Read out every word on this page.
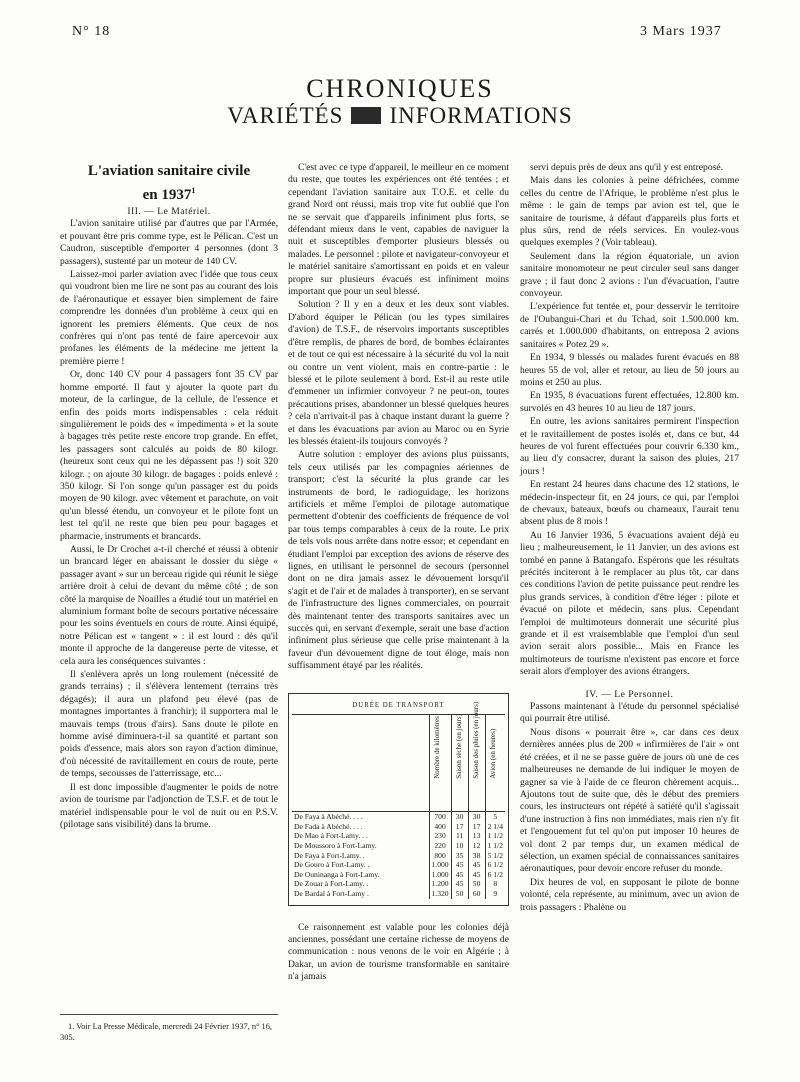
N° 18	3 Mars 1937
CHRONIQUES
VARIÉTÉS INFORMATIONS

L'aviation sanitaire civile
en 1937$^1$

III. — Le Matériel.

L'avion sanitaire utilisé par d'autres que par l'Armée, et pouvant être pris comme type, est le Pélican. C'est un Caudron, susceptible d'emporter 4 personnes (dont 3 passagers), sustenté par un moteur de 140 CV.

Laissez-moi parler aviation avec l'idée que tous ceux qui voudront bien me lire ne sont pas au courant des lois de l'aéronautique et essayer bien simplement de faire comprendre les données d'un problème à ceux qui en ignorent les premiers éléments. Que ceux de nos confrères qui n'ont pas tenté de faire apercevoir aux profanes les éléments de la médecine me jettent la première pierre !

Or, donc 140 CV pour 4 passagers font 35 CV par homme emporté. Il faut y ajouter la quote part du moteur, de la carlingue, de la cellule, de l'essence et enfin des poids morts indispensables : cela réduit singulièrement le poids des « impedimenta » et la soute à bagages très petite reste encore trop grande. En effet, les passagers sont calculés au poids de 80 kilogr. (heureux sont ceux qui ne les dépassent pas !) soit 320 kilogr. ; on ajoute 30 kilogr. de bagages : poids enlevé : 350 kilogr. Si l'on songe qu'un passager est du poids moyen de 90 kilogr. avec vêtement et parachute, on voit qu'un blessé étendu, un convoyeur et le pilote font un lest tel qu'il ne reste que bien peu pour bagages et pharmacie, instruments et brancards.

Aussi, le Dr Crochet a-t-il cherché et réussi à obtenir un brancard léger en abaissant le dossier du siège « passager avant » sur un berceau rigide qui réunit le siège arrière droit à celui de devant du même côté ; de son côté la marquise de Noailles a étudié tout un matériel en aluminium formant boîte de secours portative nécessaire pour les soins éventuels en cours de route. Ainsi équipé, notre Pélican est « tangent » : il est lourd : dès qu'il monte il approche de la dangereuse perte de vitesse, et cela aura les conséquences suivantes :

Il s'enlèvera après un long roulement (nécessité de grands terrains) ; il s'élèvera lentement (terrains très dégagés); il aura un plafond peu élevé (pas de montagnes importantes à franchir); il supportera mal le mauvais temps (trous d'airs). Sans doute le pilote en homme avisé diminuera-t-il sa quantité et partant son poids d'essence, mais alors son rayon d'action diminue, d'où nécessité de ravitaillement en cours de route, perte de temps, secousses de l'atterrissage, etc...

Il est donc impossible d'augmenter le poids de notre avion de tourisme par l'adjonction de T.S.F. et de tout le matériel indispensable pour le vol de nuit ou en P.S.V. (pilotage sans visibilité) dans la brume.

1. Voir La Presse Médicale, mercredi 24 Février 1937, n° 16, 305.

C'est avec ce type d'appareil, le meilleur en ce moment du reste, que toutes les expériences ont été tentées ; et cependant l'aviation sanitaire aux T.O.E. et celle du grand Nord ont réussi, mais trop vite fut oublié que l'on ne se servait que d'appareils infiniment plus forts, se défendant mieux dans le vent, capables de naviguer la nuit et susceptibles d'emporter plusieurs blessés ou malades. Le personnel : pilote et navigateur-convoyeur et le matériel sanitaire s'amortissant en poids et en valeur propre sur plusieurs évacués est infiniment moins important que pour un seul blessé.

Solution ? Il y en a deux et les deux sont viables. D'abord équiper le Pélican (ou les types similaires d'avion) de T.S.F., de réservoirs importants susceptibles d'être remplis, de phares de bord, de bombes éclairantes et de tout ce qui est nécessaire à la sécurité du vol la nuit ou contre un vent violent, mais en contre-partie : le blessé et le pilote seulement à bord. Est-il au reste utile d'emmener un infirmier convoyeur ? ne peut-on, toutes précautions prises, abandonner un blessé quelques heures ? cela n'arrivait-il pas à chaque instant durant la guerre ? et dans les évacuations par avion au Maroc ou en Syrie les blessés étaient-ils toujours convoyés ?

Autre solution : employer des avions plus puissants, tels ceux utilisés par les compagnies aériennes de transport; c'est la sécurité la plus grande car les instruments de bord, le radioguidage, les horizons artificiels et même l'emploi de pilotage automatique permettent d'obtenir des coefficients de fréquence de vol par tous temps comparables à ceux de la route. Le prix de tels vols nous arrête dans notre essor; et cependant en étudiant l'emploi par exception des avions de réserve des lignes, en utilisant le personnel de secours (personnel dont on ne dira jamais assez le dévouement lorsqu'il s'agit et de l'air et de malades à transporter), en se servant de l'infrastructure des lignes commerciales, on pourrait dès maintenant tenter des transports sanitaires avec un succès qui, en servant d'exemple, serait une base d'action infiniment plus sérieuse que celle prise maintenant à la faveur d'un dévouement digne de tout éloge, mais non suffisamment étayé par les réalités.

DURÉE DE TRANSPORT
	Nombre de kilomètres	Saison sèche (en jours)	Saison des pluies (en jours)	Avion (en heures)
De Faya à Abéché. . . .	700	30	30	5
De Fada à Abéché. . . .	400	17	17	2 1/4
De Mao à Fort-Lamy. . .	230	11	13	1 1/2
De Moussoro à Fort-Lamy.	220	10	12	1 1/2
De Faya à Fort-Lamy. .	800	35	38	5 1/2
De Gouro à Fort-Lamy. .	1.000	45	45	6 1/2
De Ouninanga à Fort-Lamy.	1.000	45	45	6 1/2
De Zouar à Fort-Lamy. .	1.200	45	50	8
De Bardaï à Fort-Lamy .	1.320	50	60	9

Ce raisonnement est valable pour les colonies déjà anciennes, possédant une certaine richesse de moyens de communication : nous venons de le voir en Algérie ; à Dakar, un avion de tourisme transformable en sanitaire n'a jamais

servi depuis près de deux ans qu'il y est entreposé.

Mais dans les colonies à peine défrichées, comme celles du centre de l'Afrique, le problème n'est plus le même : le gain de temps par avion est tel, que le sanitaire de tourisme, à défaut d'appareils plus forts et plus sûrs, rend de réels services. En voulez-vous quelques exemples ? (Voir tableau).

Seulement dans la région équatoriale, un avion sanitaire monomoteur ne peut circuler seul sans danger grave ; il faut donc 2 avions : l'un d'évacuation, l'autre convoyeur.

L'expérience fut tentée et, pour desservir le territoire de l'Oubangui-Chari et du Tchad, soit 1.500.000 km. carrés et 1.000.000 d'habitants, on entreposa 2 avions sanitaires « Potez 29 ».

En 1934, 9 blessés ou malades furent évacués en 88 heures 55 de vol, aller et retour, au lieu de 50 jours au moins et 250 au plus.

En 1935, 8 évacuations furent effectuées, 12.800 km. survolés en 43 heures 10 au lieu de 187 jours.

En outre, les avions sanitaires permirent l'inspection et le ravitaillement de postes isolés et, dans ce but, 44 heures de vol furent effectuées pour couvrir 6.330 km., au lieu d'y consacrer, durant la saison des pluies, 217 jours !

En restant 24 heures dans chacune des 12 stations, le médecin-inspecteur fit, en 24 jours, ce qui, par l'emploi de chevaux, bateaux, bœufs ou chameaux, l'aurait tenu absent plus de 8 mois !

Au 16 Janvier 1936, 5 évacuations avaient déjà eu lieu ; malheureusement, le 11 Janvier, un des avions est tombé en panne à Batangafo. Espérons que les résultats précités inciteront à le remplacer au plus tôt, car dans ces conditions l'avion de petite puissance peut rendre les plus grands services, à condition d'être léger : pilote et évacué on pilote et médecin, sans plus. Cependant l'emploi de multimoteurs donnerait une sécurité plus grande et il est vraisemblable que l'emploi d'un seul avion serait alors possible... Mais en France les multimoteurs de tourisme n'existent pas encore et force serait alors d'employer des avions étrangers.

IV. — Le Personnel.

Passons maintenant à l'étude du personnel spécialisé qui pourrait être utilisé.

Nous disons « pourrait être », car dans ces deux dernières années plus de 200 « infirmières de l'air » ont été créées, et il ne se passe guère de jours où une de ces malheureuses ne demande de lui indiquer le moyen de gagner sa vie à l'aide de ce fleuron chèrement acquis... Ajoutons tout de suite que, dès le début des premiers cours, les instructeurs ont répété à satiété qu'il s'agissait d'une instruction à fins non immédiates, mais rien n'y fit et l'engouement fut tel qu'on put imposer 10 heures de vol dont 2 par temps dur, un examen médical de sélection, un examen spécial de connaissances sanitaires aéronautiques, pour devoir encore refuser du monde.

Dix heures de vol, en supposant le pilote de bonne volonté, cela représente, au minimum, avec un avion de trois passagers : Phalène ou
